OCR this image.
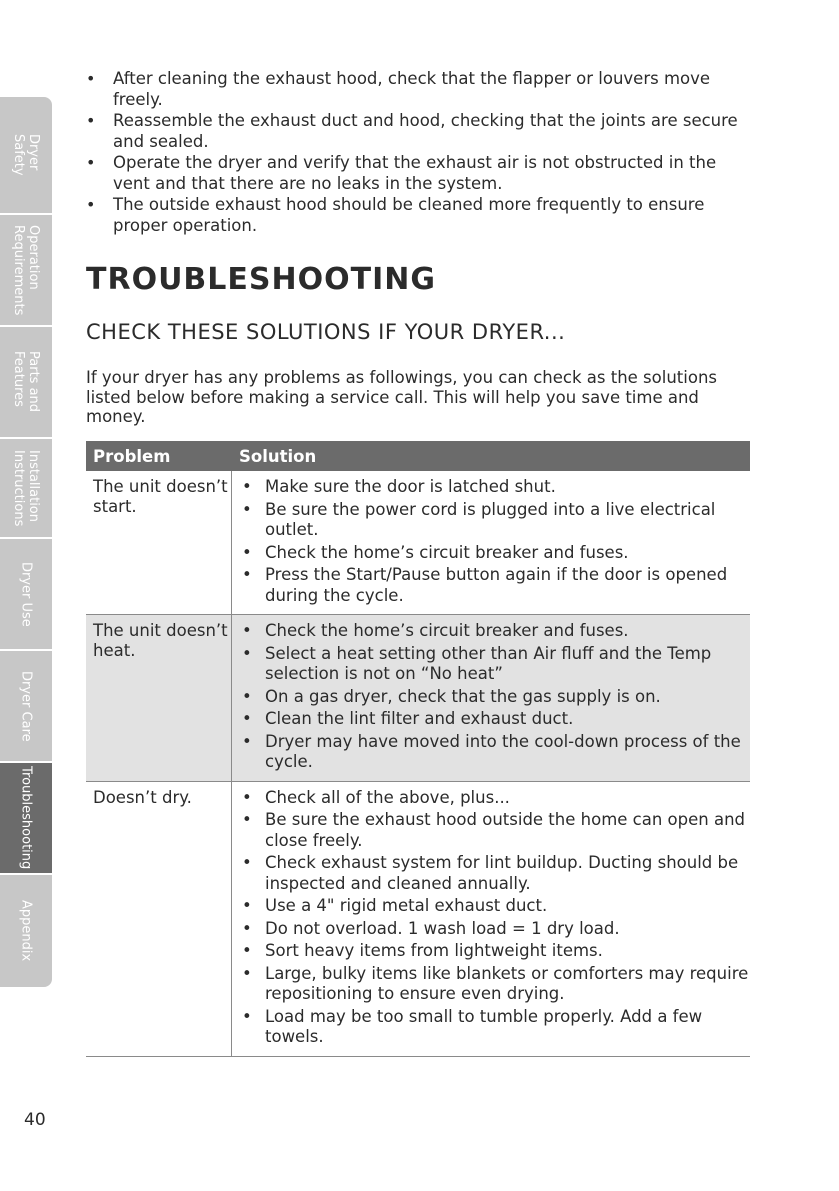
Dryer
Safety
Operation
Requirements
Parts and
Features
Installation
Instructions
Dryer Use
Dryer Care
Troubleshooting
Appendix
• After cleaning the exhaust hood, check that the flapper or louvers move freely.
• Reassemble the exhaust duct and hood, checking that the joints are secure and sealed.
• Operate the dryer and verify that the exhaust air is not obstructed in the vent and that there are no leaks in the system.
• The outside exhaust hood should be cleaned more frequently to ensure proper operation.
TROUBLESHOOTING
CHECK THESE SOLUTIONS IF YOUR DRYER...
If your dryer has any problems as followings, you can check as the solutions listed below before making a service call. This will help you save time and money.
Problem	Solution
The unit doesn’t start.
• Make sure the door is latched shut.
• Be sure the power cord is plugged into a live electrical outlet.
• Check the home’s circuit breaker and fuses.
• Press the Start/Pause button again if the door is opened during the cycle.
The unit doesn’t heat.
• Check the home’s circuit breaker and fuses.
• Select a heat setting other than Air fluff and the Temp selection is not on “No heat”
• On a gas dryer, check that the gas supply is on.
• Clean the lint filter and exhaust duct.
• Dryer may have moved into the cool-down process of the cycle.
Doesn’t dry.
•	Check all of the above, plus...
• Be sure the exhaust hood outside the home can open and close freely.
• Check exhaust system for lint buildup. Ducting should be inspected and cleaned annually.
• Use a 4" rigid metal exhaust duct.
• Do not overload. 1 wash load = 1 dry load.
• Sort heavy items from lightweight items.
• Large, bulky items like blankets or comforters may require repositioning to ensure even drying.
• Load may be too small to tumble properly. Add a few towels.
40
